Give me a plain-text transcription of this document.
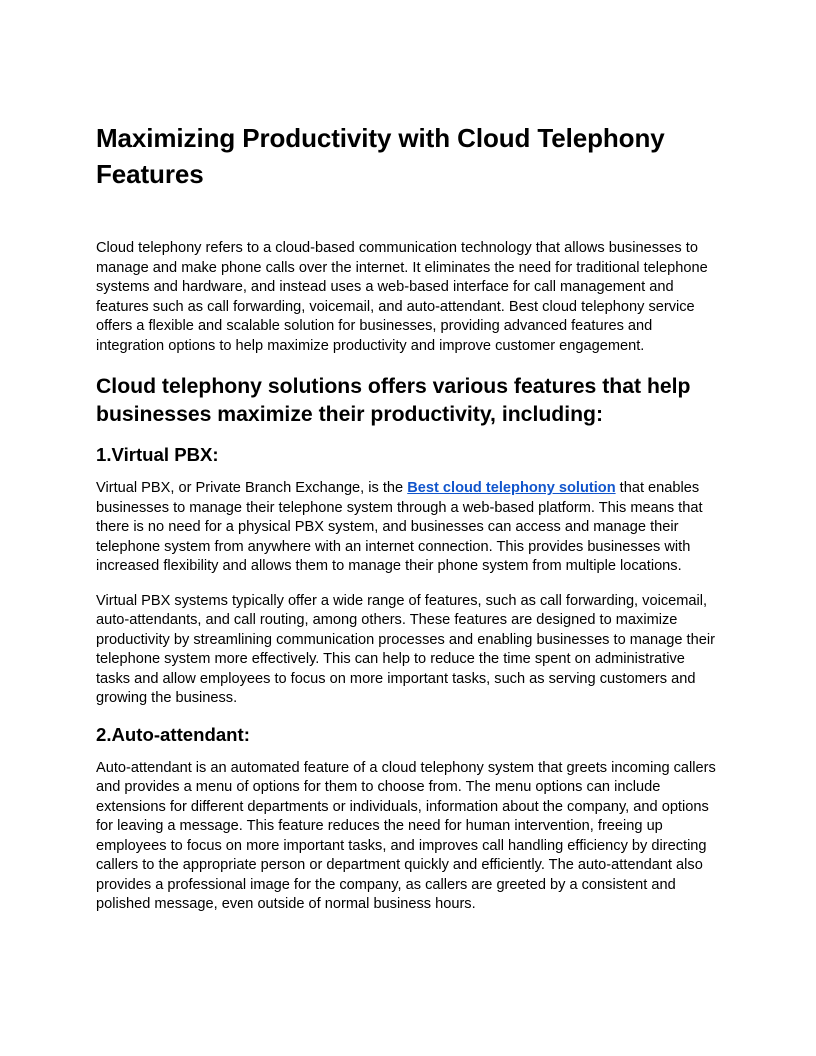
Maximizing Productivity with Cloud Telephony Features

Cloud telephony refers to a cloud-based communication technology that allows businesses to manage and make phone calls over the internet. It eliminates the need for traditional telephone systems and hardware, and instead uses a web-based interface for call management and features such as call forwarding, voicemail, and auto-attendant. Best cloud telephony service offers a flexible and scalable solution for businesses, providing advanced features and integration options to help maximize productivity and improve customer engagement.

Cloud telephony solutions offers various features that help businesses maximize their productivity, including:
1.Virtual PBX:

Virtual PBX, or Private Branch Exchange, is the Best cloud telephony solution that enables businesses to manage their telephone system through a web-based platform. This means that there is no need for a physical PBX system, and businesses can access and manage their telephone system from anywhere with an internet connection. This provides businesses with increased flexibility and allows them to manage their phone system from multiple locations.

Virtual PBX systems typically offer a wide range of features, such as call forwarding, voicemail, auto-attendants, and call routing, among others. These features are designed to maximize productivity by streamlining communication processes and enabling businesses to manage their telephone system more effectively. This can help to reduce the time spent on administrative tasks and allow employees to focus on more important tasks, such as serving customers and growing the business.

2.Auto-attendant:

Auto-attendant is an automated feature of a cloud telephony system that greets incoming callers and provides a menu of options for them to choose from. The menu options can include extensions for different departments or individuals, information about the company, and options for leaving a message. This feature reduces the need for human intervention, freeing up employees to focus on more important tasks, and improves call handling efficiency by directing callers to the appropriate person or department quickly and efficiently. The auto-attendant also provides a professional image for the company, as callers are greeted by a consistent and polished message, even outside of normal business hours.
